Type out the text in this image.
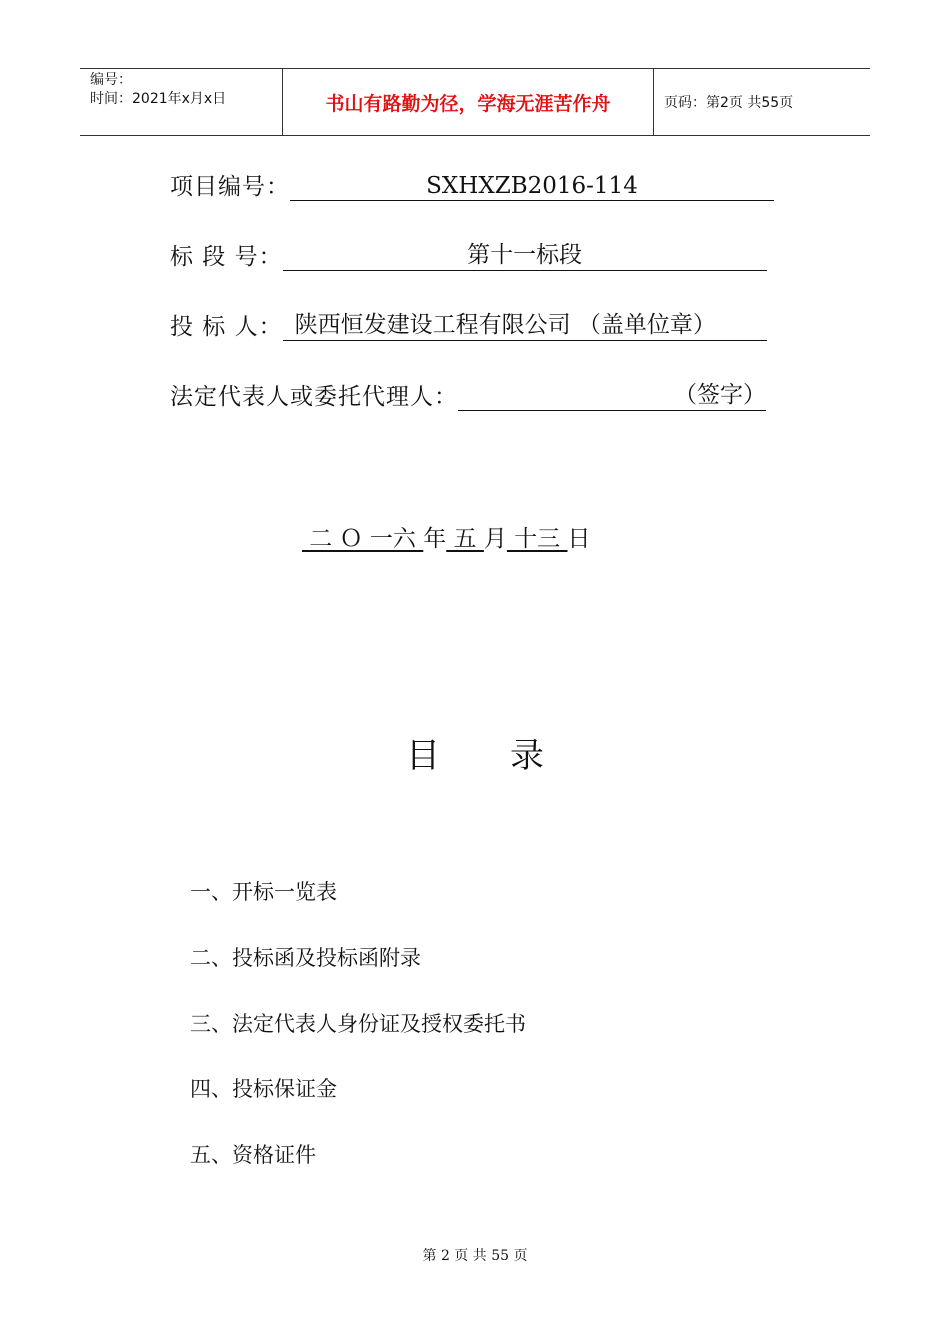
编号：
时间：2021年x月x日	书山有路勤为径，学海无涯苦作舟	页码：第2页 共55页
项目编号：	SXHXZB2016-114
标 段 号：	第十一标段
投 标 人： 陕西恒发建设工程有限公司 （盖单位章）
法定代表人或委托代理人：	（签字）
二 Ｏ 一六 年 五 月 十三 日
目录
一、开标一览表
二、投标函及投标函附录
三、法定代表人身份证及授权委托书
四、投标保证金
五、资格证件
第 2 页 共 55 页
